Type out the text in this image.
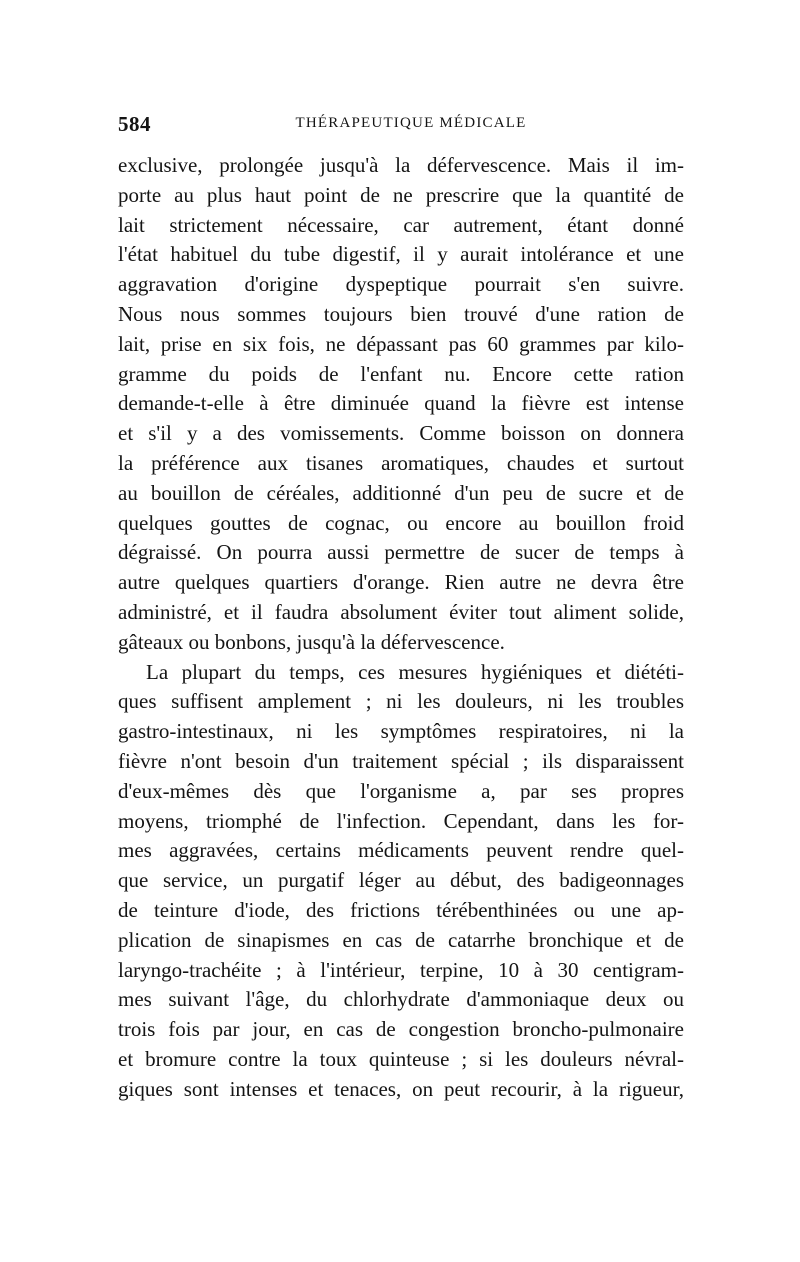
584	THÉRAPEUTIQUE MÉDICALE
exclusive, prolongée jusqu'à la défervescence. Mais il im-
porte au plus haut point de ne prescrire que la quantité de
lait strictement nécessaire, car autrement, étant donné
l'état habituel du tube digestif, il y aurait intolérance et une
aggravation d'origine dyspeptique pourrait s'en suivre.
Nous nous sommes toujours bien trouvé d'une ration de
lait, prise en six fois, ne dépassant pas 60 grammes par kilo-
gramme du poids de l'enfant nu. Encore cette ration
demande-t-elle à être diminuée quand la fièvre est intense
et s'il y a des vomissements. Comme boisson on donnera
la préférence aux tisanes aromatiques, chaudes et surtout
au bouillon de céréales, additionné d'un peu de sucre et de
quelques gouttes de cognac, ou encore au bouillon froid
dégraissé. On pourra aussi permettre de sucer de temps à
autre quelques quartiers d'orange. Rien autre ne devra être
administré, et il faudra absolument éviter tout aliment solide,
gâteaux ou bonbons, jusqu'à la défervescence.
La plupart du temps, ces mesures hygiéniques et diététi-
ques suffisent amplement ; ni les douleurs, ni les troubles
gastro-intestinaux, ni les symptômes respiratoires, ni la
fièvre n'ont besoin d'un traitement spécial ; ils disparaissent
d'eux-mêmes dès que l'organisme a, par ses propres
moyens, triomphé de l'infection. Cependant, dans les for-
mes aggravées, certains médicaments peuvent rendre quel-
que service, un purgatif léger au début, des badigeonnages
de teinture d'iode, des frictions térébenthinées ou une ap-
plication de sinapismes en cas de catarrhe bronchique et de
laryngo-trachéite ; à l'intérieur, terpine, 10 à 30 centigram-
mes suivant l'âge, du chlorhydrate d'ammoniaque deux ou
trois fois par jour, en cas de congestion broncho-pulmonaire
et bromure contre la toux quinteuse ; si les douleurs névral-
giques sont intenses et tenaces, on peut recourir, à la rigueur,
